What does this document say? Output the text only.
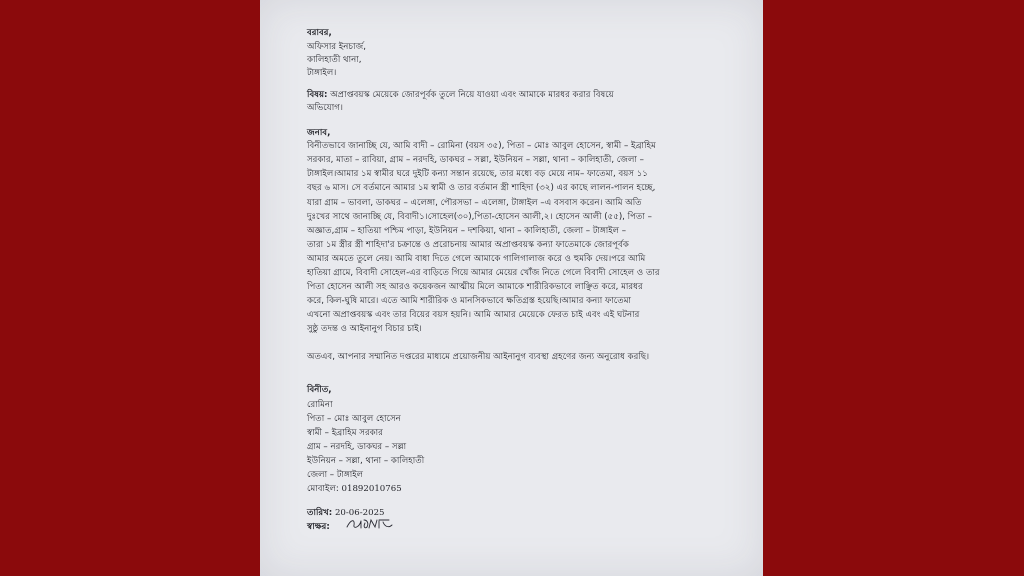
বরাবর,
অফিসার ইনচার্জ,
কালিহাতী থানা,
টাঙ্গাইল।
বিষয়: অপ্রাপ্তবয়স্ক মেয়েকে জোরপূর্বক তুলে নিয়ে যাওয়া এবং আমাকে মারধর করার বিষয়ে
অভিযোগ।
জনাব,
বিনীতভাবে জানাচ্ছি যে, আমি বাদী – রোমিনা (বয়স ৩৫), পিতা – মোঃ আবুল হোসেন, স্বামী – ইব্রাহিম
সরকার, মাতা – রাবিয়া, গ্রাম – নরদহি, ডাকঘর – সল্লা, ইউনিয়ন – সল্লা, থানা – কালিহাতী, জেলা –
টাঙ্গাইল।আমার ১ম স্বামীর ঘরে দুইটি কন্যা সন্তান রয়েছে, তার মধ্যে বড় মেয়ে নাম– ফাতেমা, বয়স ১১
বছর ৬ মাস। সে বর্তমানে আমার ১ম স্বামী ও তার বর্তমান স্ত্রী শাহিদা (৩২) এর কাছে লালন-পালন হচ্ছে,
যারা গ্রাম – ভাবলা, ডাকঘর – এলেঙ্গা, পৌরসভা – এলেঙ্গা, টাঙ্গাইল –এ বসবাস করেন। আমি অতি
দুঃখের সাথে জানাচ্ছি যে, বিবাদী১।সোহেল(৩০),পিতা-হোসেন আলী,২। হোসেন আলী (৫৫), পিতা –
অজ্ঞাত,গ্রাম – হাতিয়া পশ্চিম পাড়া, ইউনিয়ন – দশকিয়া, থানা – কালিহাতী, জেলা – টাঙ্গাইল –
তারা ১ম স্ত্রীর স্ত্রী শাহিদা'র চক্রান্তে ও প্ররোচনায় আমার অপ্রাপ্তবয়স্ক কন্যা ফাতেমাকে জোরপূর্বক
আমার অমতে তুলে নেয়। আমি বাধা দিতে গেলে আমাকে গালিগালাজ করে ও হুমকি দেয়।পরে আমি
হাতিয়া গ্রামে, বিবাদী সোহেল-এর বাড়িতে গিয়ে আমার মেয়ের খোঁজ নিতে গেলে বিবাদী সোহেল ও তার
পিতা হোসেন আলী সহ আরও কয়েকজন আত্মীয় মিলে আমাকে শারীরিকভাবে লাঞ্ছিত করে, মারধর
করে, কিল-ঘুষি মারে। এতে আমি শারীরিক ও মানসিকভাবে ক্ষতিগ্রস্ত হয়েছি।আমার কন্যা ফাতেমা
এখনো অপ্রাপ্তবয়স্ক এবং তার বিয়ের বয়স হয়নি। আমি আমার মেয়েকে ফেরত চাই এবং এই ঘটনার
সুষ্ঠু তদন্ত ও আইনানুগ বিচার চাই।
অতএব, আপনার সম্মানিত দপ্তরের মাধ্যমে প্রয়োজনীয় আইনানুগ ব্যবস্থা গ্রহণের জন্য অনুরোধ করছি।
বিনীত,
রোমিনা
পিতা – মোঃ আবুল হোসেন
স্বামী – ইব্রাহিম সরকার
গ্রাম – নরদহি, ডাকঘর – সল্লা
ইউনিয়ন – সল্লা, থানা – কালিহাতী
জেলা – টাঙ্গাইল
মোবাইল: 01892010765
তারিখ: 20-06-2025
স্বাক্ষর:
